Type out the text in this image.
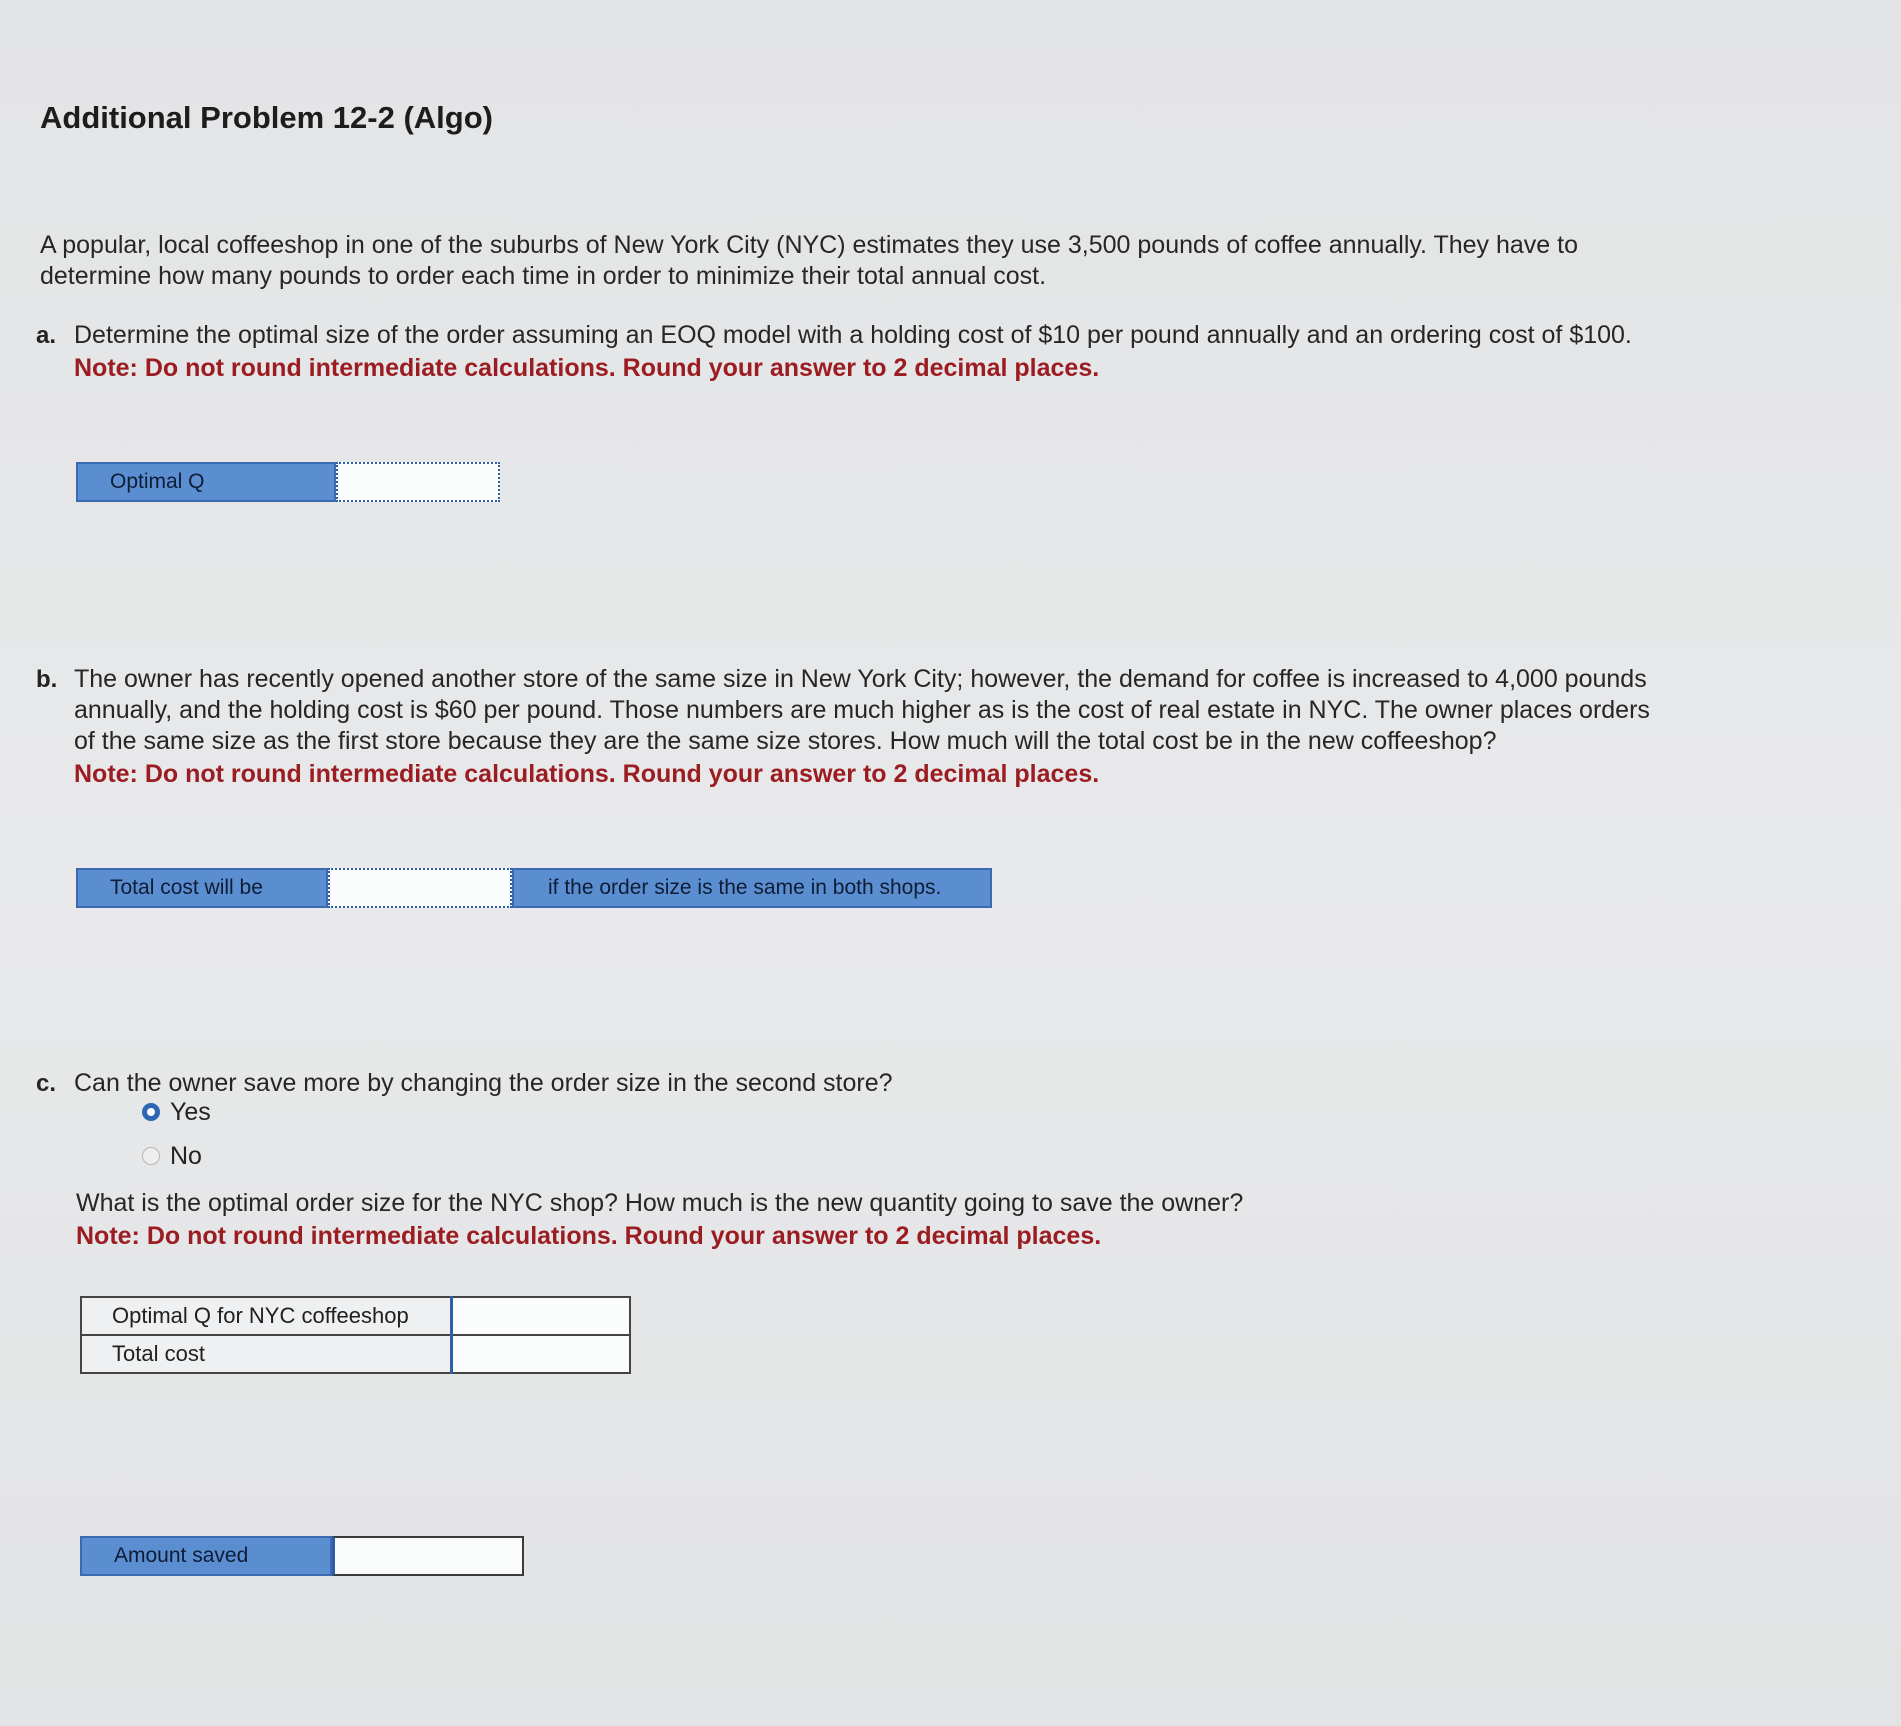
Additional Problem 12-2 (Algo)
A popular, local coffeeshop in one of the suburbs of New York City (NYC) estimates they use 3,500 pounds of coffee annually. They have to determine how many pounds to order each time in order to minimize their total annual cost.
a. Determine the optimal size of the order assuming an EOQ model with a holding cost of $10 per pound annually and an ordering cost of $100.
Note: Do not round intermediate calculations. Round your answer to 2 decimal places.
Optimal Q
b. The owner has recently opened another store of the same size in New York City; however, the demand for coffee is increased to 4,000 pounds annually, and the holding cost is $60 per pound. Those numbers are much higher as is the cost of real estate in NYC. The owner places orders of the same size as the first store because they are the same size stores. How much will the total cost be in the new coffeeshop?
Note: Do not round intermediate calculations. Round your answer to 2 decimal places.
Total cost will be	if the order size is the same in both shops.
c. Can the owner save more by changing the order size in the second store?
Yes
No
What is the optimal order size for the NYC shop? How much is the new quantity going to save the owner?
Note: Do not round intermediate calculations. Round your answer to 2 decimal places.
Optimal Q for NYC coffeeshop	
Total cost	
Amount saved
